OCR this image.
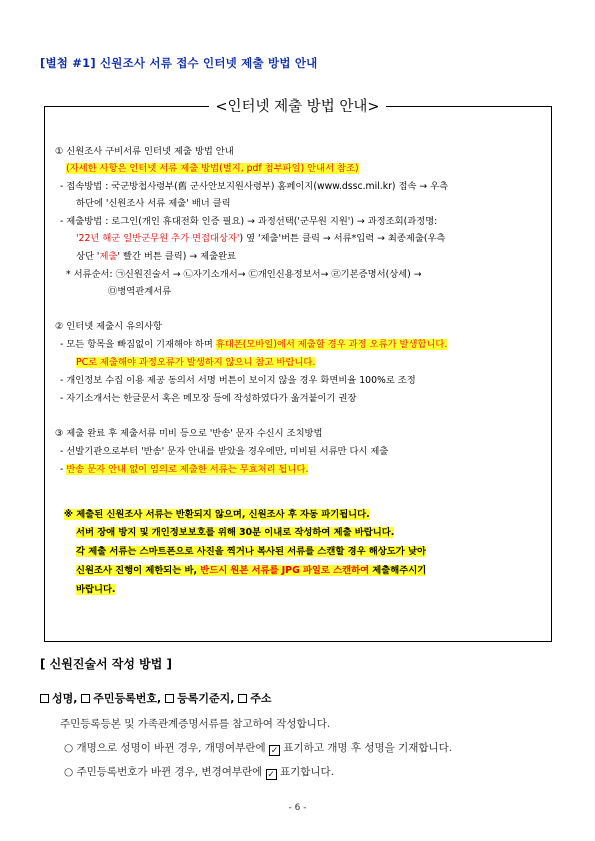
[별첨 #1] 신원조사 서류 접수 인터넷 제출 방법 안내
<인터넷 제출 방법 안내>
① 신원조사 구비서류 인터넷 제출 방법 안내
(자세한 사항은 인터넷 서류 제출 방법(별지, pdf 첨부파일) 안내서 참조)
- 접속방법 : 국군방첩사령부(舊 군사안보지원사령부) 홈페이지(www.dssc.mil.kr) 접속 → 우측
하단에 '신원조사 서류 제출' 배너 클릭
- 제출방법 : 로그인(개인 휴대전화 인증 필요) → 과정선택('군무원 지원') → 과정조회(과정명:
'22년 해군 일반군무원 추가 면접대상자') 옆 '제출'버튼 클릭 → 서류*입력 → 최종제출(우측
상단 '제출' 빨간 버튼 클릭) → 제출완료
* 서류순서: ㉠신원진술서 → ㉡자기소개서→ ㉢개인신용정보서→ ㉣기본증명서(상세) →
㉤병역관계서류
② 인터넷 제출시 유의사항
- 모든 항목을 빠짐없이 기재해야 하며 휴대폰(모바일)에서 제출할 경우 과정 오류가 발생합니다.
PC로 제출해야 과정오류가 발생하지 않으니 참고 바랍니다.
- 개인정보 수집 이용 제공 동의서 서명 버튼이 보이지 않을 경우 화면비율 100%로 조정
- 자기소개서는 한글문서 혹은 메모장 등에 작성하였다가 옮겨붙이기 권장
③ 제출 완료 후 제출서류 미비 등으로 '반송' 문자 수신시 조치방법
- 선발기관으로부터 '반송' 문자 안내를 받았을 경우에만, 미비된 서류만 다시 제출
- 반송 문자 안내 없이 임의로 제출한 서류는 무효처리 됩니다.
※ 제출된 신원조사 서류는 반환되지 않으며, 신원조사 후 자동 파기됩니다.
서버 장애 방지 및 개인정보보호를 위해 30분 이내로 작성하여 제출 바랍니다.
각 제출 서류는 스마트폰으로 사진을 찍거나 복사된 서류를 스캔할 경우 해상도가 낮아
신원조사 진행이 제한되는 바, 반드시 원본 서류를 JPG 파일로 스캔하여 제출해주시기
바랍니다.
[ 신원진술서 작성 방법 ]
성명, 주민등록번호, 등록기준지, 주소
주민등록등본 및 가족관계증명서류를 참고하여 작성합니다.
○ 개명으로 성명이 바뀐 경우, 개명여부란에 ✓ 표기하고 개명 후 성명을 기재합니다.
○ 주민등록번호가 바뀐 경우, 변경여부란에 ✓ 표기합니다.
- 6 -
